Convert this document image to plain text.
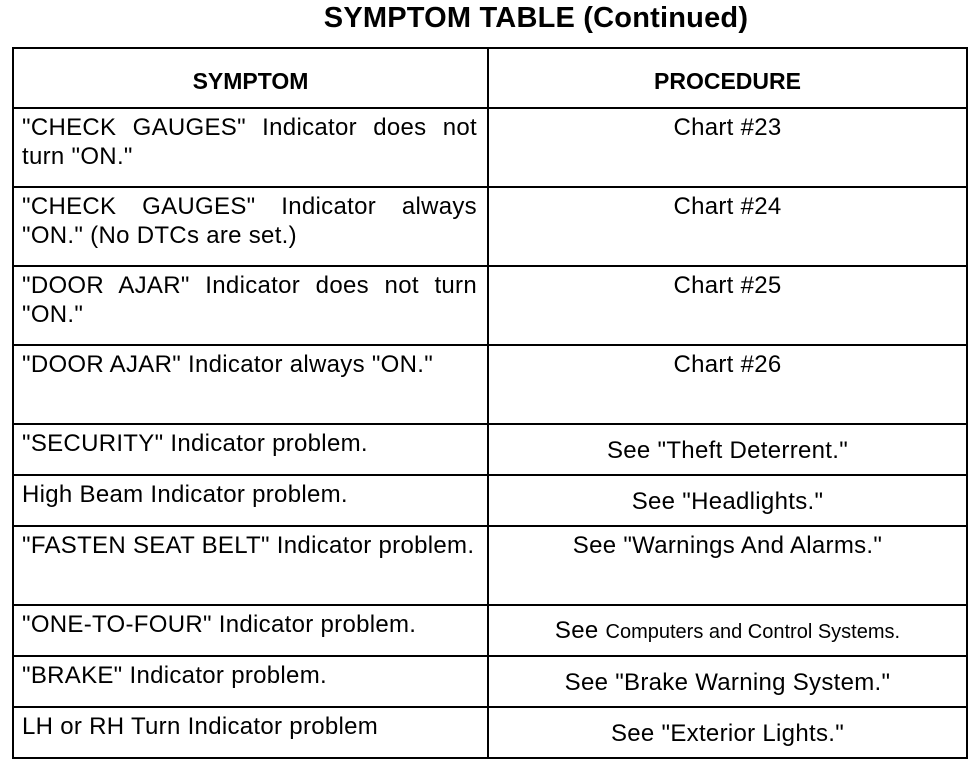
SYMPTOM TABLE (Continued)
SYMPTOM	PROCEDURE
"CHECK GAUGES" Indicator does not turn "ON."	Chart #23
"CHECK GAUGES" Indicator always "ON." (No DTCs are set.)	Chart #24
"DOOR AJAR" Indicator does not turn "ON."	Chart #25
"DOOR AJAR" Indicator always "ON."	Chart #26
"SECURITY" Indicator problem.	See "Theft Deterrent."
High Beam Indicator problem.	See "Headlights."
"FASTEN SEAT BELT" Indicator problem.	See "Warnings And Alarms."
"ONE-TO-FOUR" Indicator problem.	See Computers and Control Systems.
"BRAKE" Indicator problem.	See "Brake Warning System."
LH or RH Turn Indicator problem	See "Exterior Lights."
